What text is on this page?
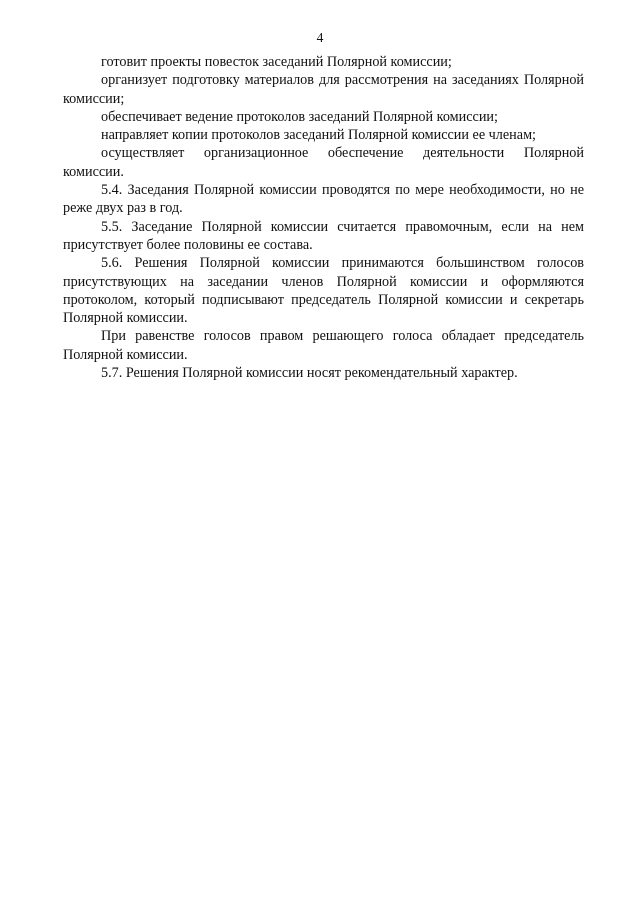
4

готовит проекты повесток заседаний Полярной комиссии;

организует подготовку материалов для рассмотрения на заседаниях Полярной комиссии;

обеспечивает ведение протоколов заседаний Полярной комиссии;

направляет копии протоколов заседаний Полярной комиссии ее членам;

осуществляет организационное обеспечение деятельности Полярной комиссии.

5.4. Заседания Полярной комиссии проводятся по мере необходимости, но не реже двух раз в год.

5.5. Заседание Полярной комиссии считается правомочным, если на нем присутствует более половины ее состава.

5.6. Решения Полярной комиссии принимаются большинством голосов присутствующих на заседании членов Полярной комиссии и оформляются протоколом, который подписывают председатель Полярной комиссии и секретарь Полярной комиссии.

При равенстве голосов правом решающего голоса обладает председатель Полярной комиссии.

5.7. Решения Полярной комиссии носят рекомендательный характер.
